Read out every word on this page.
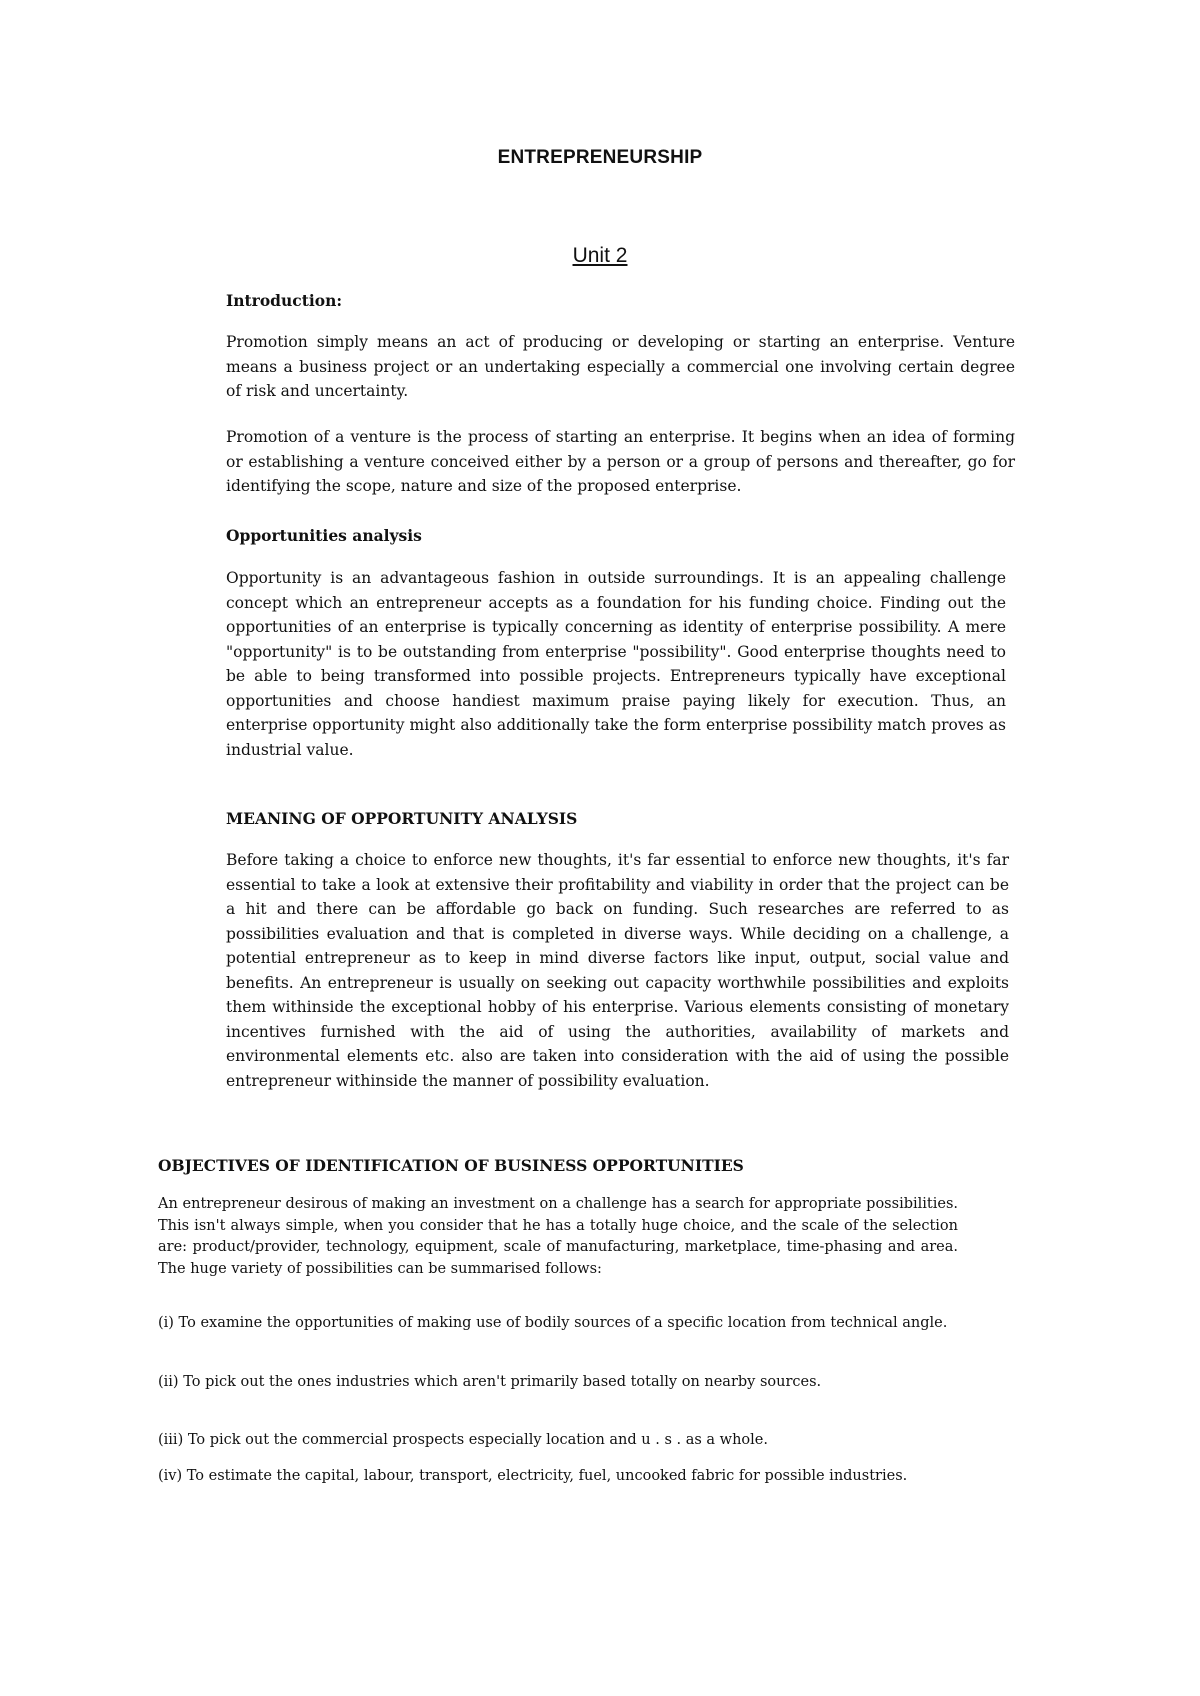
ENTREPRENEURSHIP
Unit 2

Introduction:

Promotion simply means an act of producing or developing or starting an enterprise. Venture means a business project or an undertaking especially a commercial one involving certain degree of risk and uncertainty.

Promotion of a venture is the process of starting an enterprise. It begins when an idea of forming or establishing a venture conceived either by a person or a group of persons and thereafter, go for identifying the scope, nature and size of the proposed enterprise.

Opportunities analysis

Opportunity is an advantageous fashion in outside surroundings. It is an appealing challenge concept which an entrepreneur accepts as a foundation for his funding choice. Finding out the opportunities of an enterprise is typically concerning as identity of enterprise possibility. A mere "opportunity" is to be outstanding from enterprise "possibility". Good enterprise thoughts need to be able to being transformed into possible projects. Entrepreneurs typically have exceptional opportunities and choose handiest maximum praise paying likely for execution. Thus, an enterprise opportunity might also additionally take the form enterprise possibility match proves as industrial value.

MEANING OF OPPORTUNITY ANALYSIS

Before taking a choice to enforce new thoughts, it's far essential to enforce new thoughts, it's far essential to take a look at extensive their profitability and viability in order that the project can be a hit and there can be affordable go back on funding. Such researches are referred to as possibilities evaluation and that is completed in diverse ways. While deciding on a challenge, a potential entrepreneur as to keep in mind diverse factors like input, output, social value and benefits. An entrepreneur is usually on seeking out capacity worthwhile possibilities and exploits them withinside the exceptional hobby of his enterprise. Various elements consisting of monetary incentives furnished with the aid of using the authorities, availability of markets and environmental elements etc. also are taken into consideration with the aid of using the possible entrepreneur withinside the manner of possibility evaluation.

OBJECTIVES OF IDENTIFICATION OF BUSINESS OPPORTUNITIES

An entrepreneur desirous of making an investment on a challenge has a search for appropriate possibilities. This isn't always simple, when you consider that he has a totally huge choice, and the scale of the selection are: product/provider, technology, equipment, scale of manufacturing, marketplace, time-phasing and area. The huge variety of possibilities can be summarised follows:

(i) To examine the opportunities of making use of bodily sources of a specific location from technical angle.

(ii) To pick out the ones industries which aren't primarily based totally on nearby sources.

(iii) To pick out the commercial prospects especially location and u . s . as a whole.

(iv) To estimate the capital, labour, transport, electricity, fuel, uncooked fabric for possible industries.
